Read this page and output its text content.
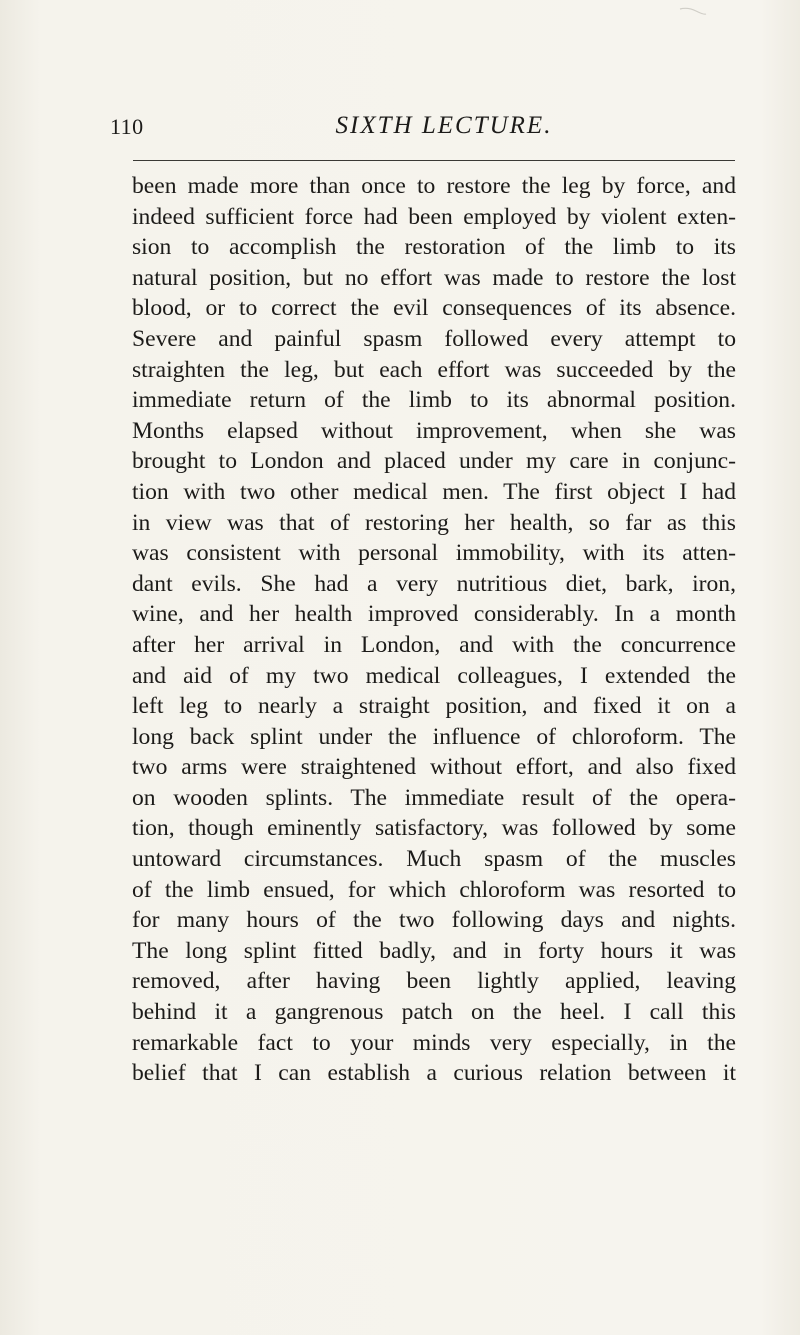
110	SIXTH LECTURE.
been made more than once to restore the leg by force, and
indeed sufficient force had been employed by violent exten-
sion to accomplish the restoration of the limb to its
natural position, but no effort was made to restore the lost
blood, or to correct the evil consequences of its absence.
Severe and painful spasm followed every attempt to
straighten the leg, but each effort was succeeded by the
immediate return of the limb to its abnormal position.
Months elapsed without improvement, when she was
brought to London and placed under my care in conjunc-
tion with two other medical men. The first object I had
in view was that of restoring her health, so far as this
was consistent with personal immobility, with its atten-
dant evils. She had a very nutritious diet, bark, iron,
wine, and her health improved considerably. In a month
after her arrival in London, and with the concurrence
and aid of my two medical colleagues, I extended the
left leg to nearly a straight position, and fixed it on a
long back splint under the influence of chloroform. The
two arms were straightened without effort, and also fixed
on wooden splints. The immediate result of the opera-
tion, though eminently satisfactory, was followed by some
untoward circumstances. Much spasm of the muscles
of the limb ensued, for which chloroform was resorted to
for many hours of the two following days and nights.
The long splint fitted badly, and in forty hours it was
removed, after having been lightly applied, leaving
behind it a gangrenous patch on the heel. I call this
remarkable fact to your minds very especially, in the
belief that I can establish a curious relation between it
